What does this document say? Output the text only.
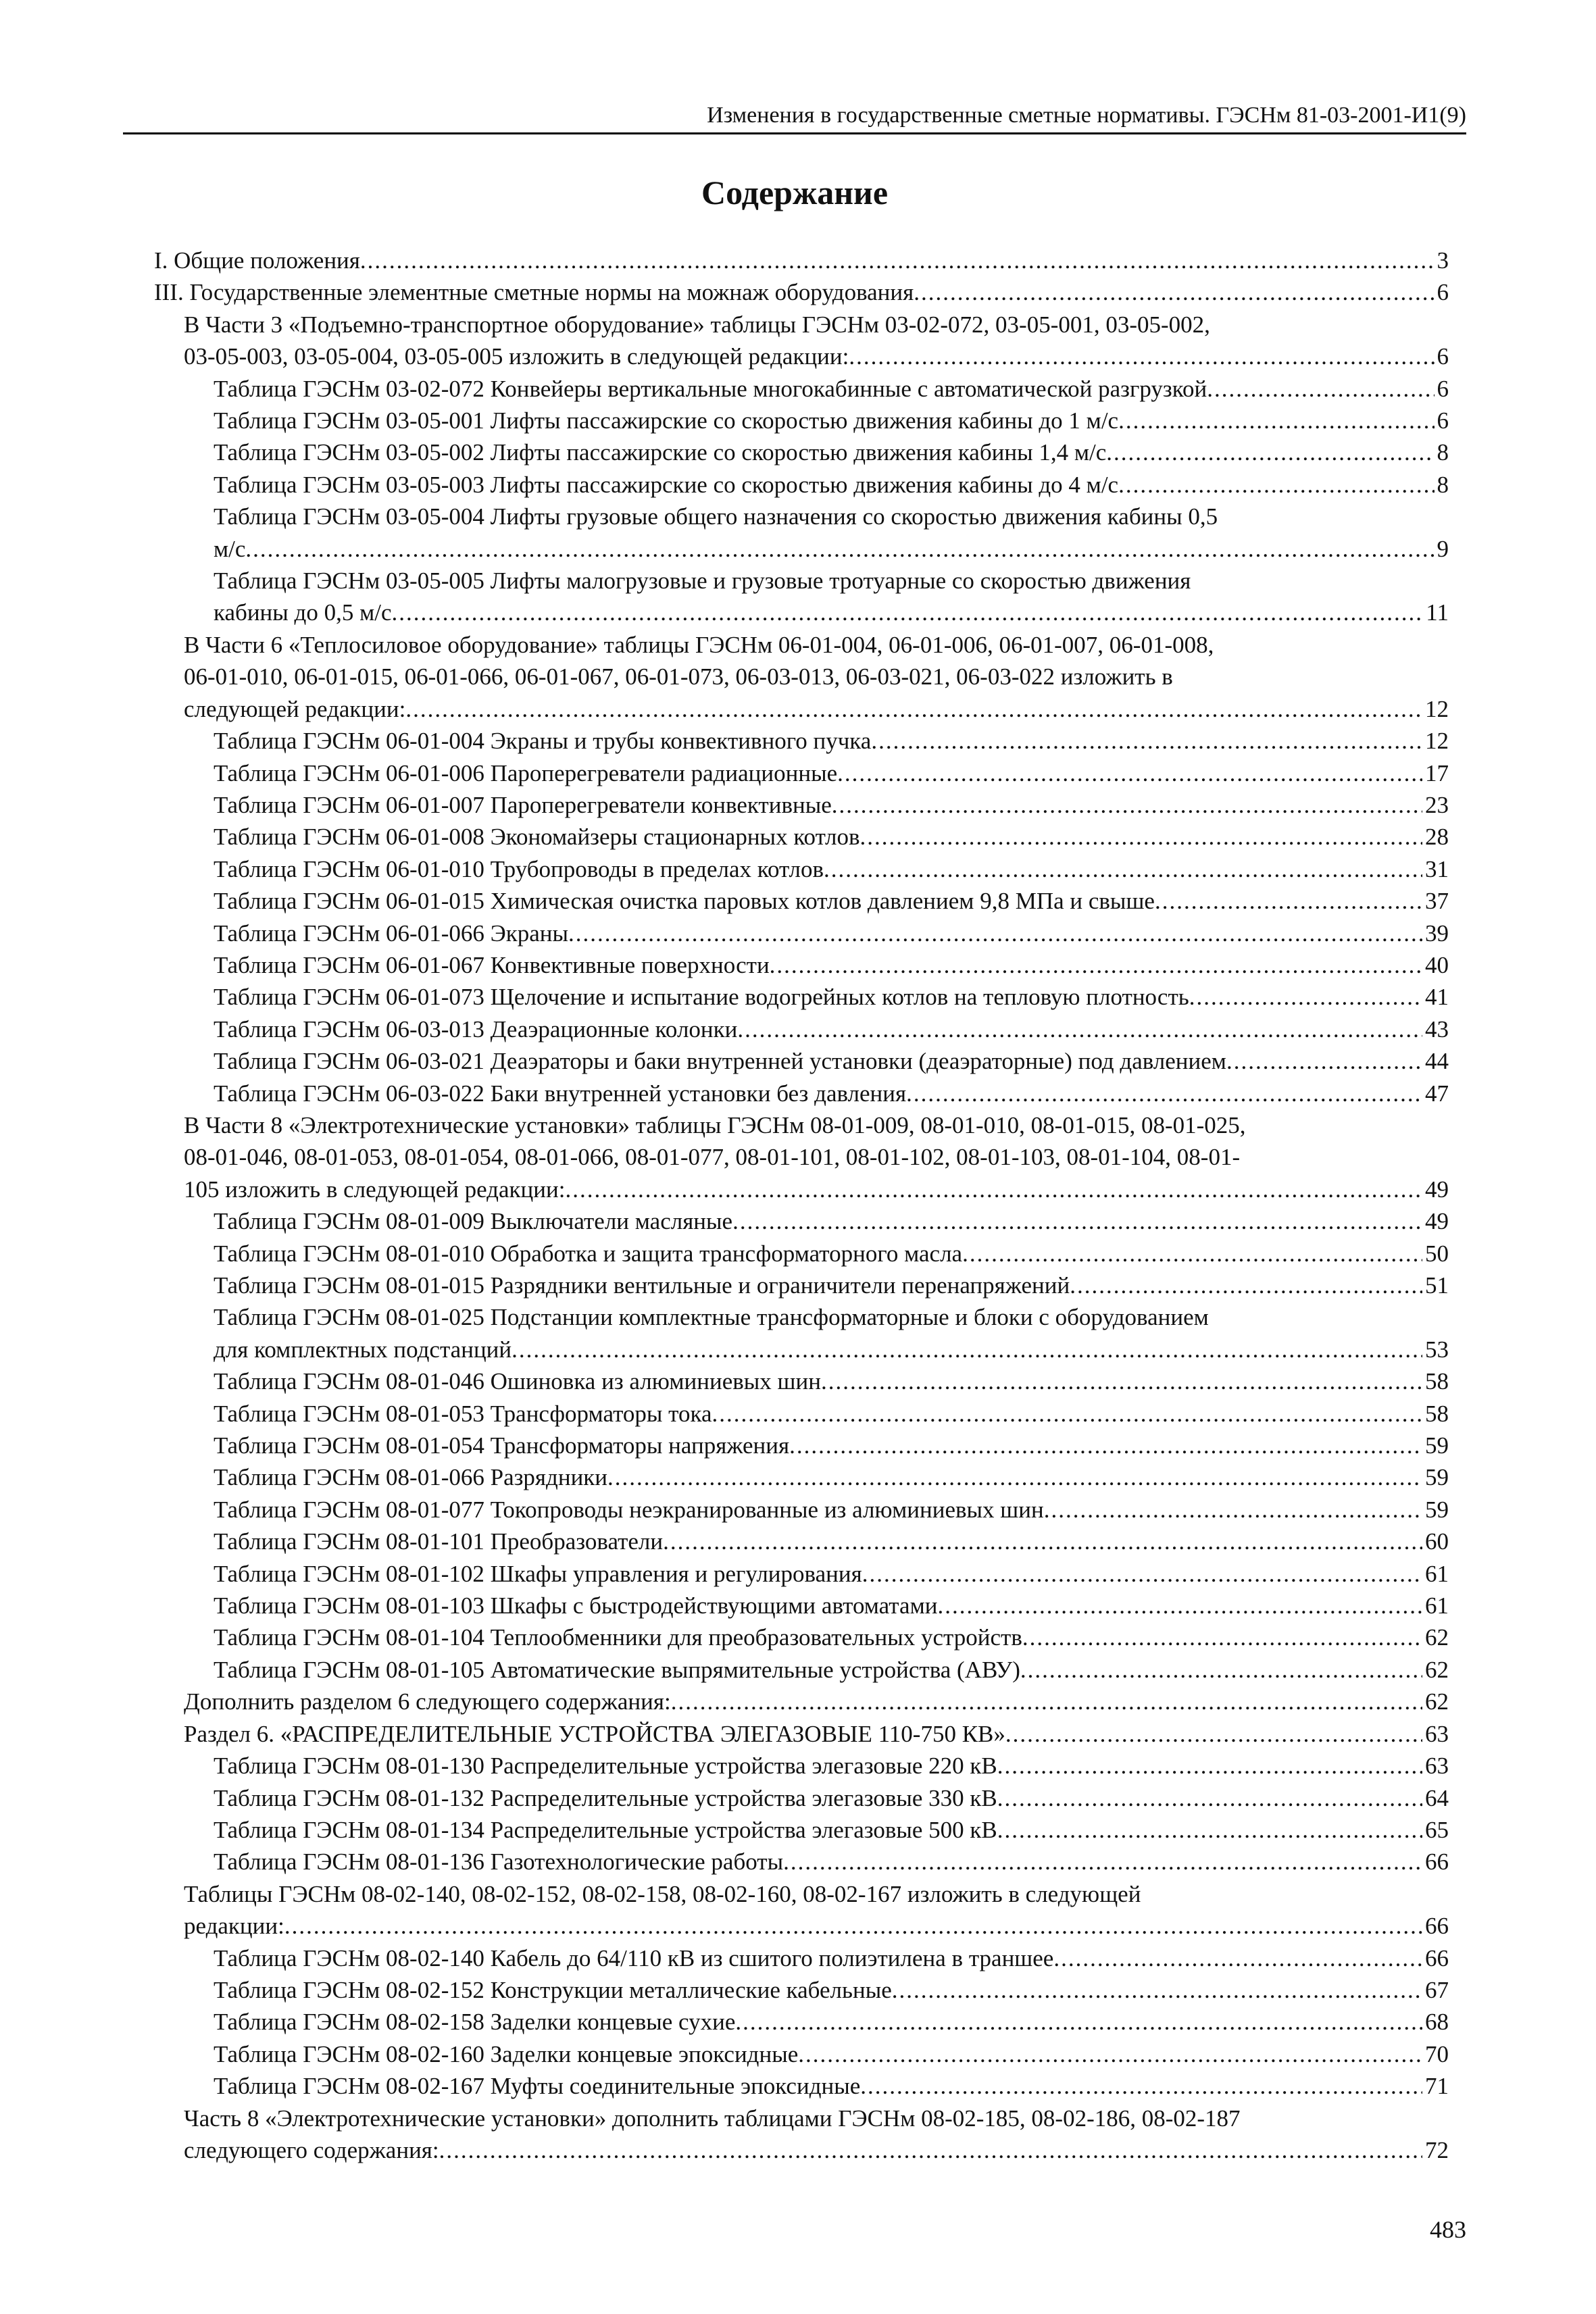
Изменения в государственные сметные нормативы. ГЭСНм 81-03-2001-И1(9)
Содержание
I. Общие положения .....	3
III. Государственные элементные сметные нормы на можнаж оборудования .....	6
В Части 3 «Подъемно-транспортное оборудование» таблицы ГЭСНм 03-02-072, 03-05-001, 03-05-002,
03-05-003, 03-05-004, 03-05-005 изложить в следующей редакции: .....	6
Таблица ГЭСНм 03-02-072 Конвейеры вертикальные многокабинные с автоматической разгрузкой .....	6
Таблица ГЭСНм 03-05-001 Лифты пассажирские со скоростью движения кабины до 1 м/с .....	6
Таблица ГЭСНм 03-05-002 Лифты пассажирские со скоростью движения кабины 1,4 м/с .....	8
Таблица ГЭСНм 03-05-003 Лифты пассажирские со скоростью движения кабины до 4 м/с .....	8
Таблица ГЭСНм 03-05-004 Лифты грузовые общего назначения со скоростью движения кабины 0,5
м/с .....	9
Таблица ГЭСНм 03-05-005 Лифты малогрузовые и грузовые тротуарные со скоростью движения
кабины до 0,5 м/с .....	11
В Части 6 «Теплосиловое оборудование» таблицы ГЭСНм 06-01-004, 06-01-006, 06-01-007, 06-01-008,
06-01-010, 06-01-015, 06-01-066, 06-01-067, 06-01-073, 06-03-013, 06-03-021, 06-03-022 изложить в
следующей редакции: .....	12
Таблица ГЭСНм 06-01-004 Экраны и трубы конвективного пучка .....	12
Таблица ГЭСНм 06-01-006 Пароперегреватели радиационные .....	17
Таблица ГЭСНм 06-01-007 Пароперегреватели конвективные .....	23
Таблица ГЭСНм 06-01-008 Экономайзеры стационарных котлов .....	28
Таблица ГЭСНм 06-01-010 Трубопроводы в пределах котлов .....	31
Таблица ГЭСНм 06-01-015 Химическая очистка паровых котлов давлением 9,8 МПа и свыше .....	37
Таблица ГЭСНм 06-01-066 Экраны .....	39
Таблица ГЭСНм 06-01-067 Конвективные поверхности .....	40
Таблица ГЭСНм 06-01-073 Щелочение и испытание водогрейных котлов на тепловую плотность .....	41
Таблица ГЭСНм 06-03-013 Деаэрационные колонки .....	43
Таблица ГЭСНм 06-03-021 Деаэраторы и баки внутренней установки (деаэраторные) под давлением .....	44
Таблица ГЭСНм 06-03-022 Баки внутренней установки без давления .....	47
В Части 8 «Электротехнические установки» таблицы ГЭСНм 08-01-009, 08-01-010, 08-01-015, 08-01-025,
08-01-046, 08-01-053, 08-01-054, 08-01-066, 08-01-077, 08-01-101, 08-01-102, 08-01-103, 08-01-104, 08-01-
105 изложить в следующей редакции: .....	49
Таблица ГЭСНм 08-01-009 Выключатели масляные .....	49
Таблица ГЭСНм 08-01-010 Обработка и защита трансформаторного масла .....	50
Таблица ГЭСНм 08-01-015 Разрядники вентильные и ограничители перенапряжений .....	51
Таблица ГЭСНм 08-01-025 Подстанции комплектные трансформаторные и блоки с оборудованием
для комплектных подстанций .....	53
Таблица ГЭСНм 08-01-046 Ошиновка из алюминиевых шин .....	58
Таблица ГЭСНм 08-01-053 Трансформаторы тока .....	58
Таблица ГЭСНм 08-01-054 Трансформаторы напряжения .....	59
Таблица ГЭСНм 08-01-066 Разрядники .....	59
Таблица ГЭСНм 08-01-077 Токопроводы неэкранированные из алюминиевых шин .....	59
Таблица ГЭСНм 08-01-101 Преобразователи .....	60
Таблица ГЭСНм 08-01-102 Шкафы управления и регулирования .....	61
Таблица ГЭСНм 08-01-103 Шкафы с быстродействующими автоматами .....	61
Таблица ГЭСНм 08-01-104 Теплообменники для преобразовательных устройств .....	62
Таблица ГЭСНм 08-01-105 Автоматические выпрямительные устройства (АВУ) .....	62
Дополнить разделом 6 следующего содержания: .....	62
Раздел 6. «РАСПРЕДЕЛИТЕЛЬНЫЕ УСТРОЙСТВА ЭЛЕГАЗОВЫЕ 110-750 КВ» .....	63
Таблица ГЭСНм 08-01-130 Распределительные устройства элегазовые 220 кВ .....	63
Таблица ГЭСНм 08-01-132 Распределительные устройства элегазовые 330 кВ .....	64
Таблица ГЭСНм 08-01-134 Распределительные устройства элегазовые 500 кВ .....	65
Таблица ГЭСНм 08-01-136 Газотехнологические работы .....	66
Таблицы ГЭСНм 08-02-140, 08-02-152, 08-02-158, 08-02-160, 08-02-167 изложить в следующей
редакции: .....	66
Таблица ГЭСНм 08-02-140 Кабель до 64/110 кВ из сшитого полиэтилена в траншее .....	66
Таблица ГЭСНм 08-02-152 Конструкции металлические кабельные .....	67
Таблица ГЭСНм 08-02-158 Заделки концевые сухие .....	68
Таблица ГЭСНм 08-02-160 Заделки концевые эпоксидные .....	70
Таблица ГЭСНм 08-02-167 Муфты соединительные эпоксидные .....	71
Часть 8 «Электротехнические установки» дополнить таблицами ГЭСНм 08-02-185, 08-02-186, 08-02-187
следующего содержания: .....	72
483
